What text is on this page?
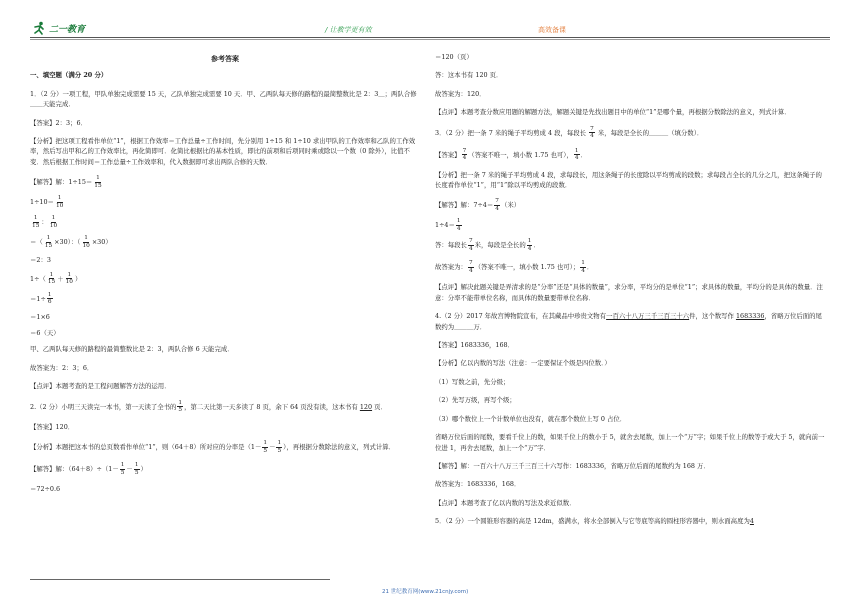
二一教育	/ 让教学更有效	高效备课
参考答案
一、填空题（满分 20 分）
1．（2 分）一项工程，甲队单独完成需要 15 天，乙队单独完成需要 10 天．甲、乙两队每天修的路程的最简整数比是 2：3＿；两队合修＿＿天能完成．
【答案】2：3；6．
【分析】把这项工程看作单位“1”，根据工作效率＝工作总量÷工作时间，先分别用 1÷15 和 1÷10 求出甲队的工作效率和乙队的工作效率，然后写出甲和乙的工作效率比，再化简即可．化简比根据比的基本性质，即比的前项和后项同时乘或除以一个数（0 除外），比值不变．然后根据工作时间＝工作总量÷工作效率和，代入数据即可求出两队合修的天数．
【解答】解：$1\div 15= \frac{1}{15}$
$1\div 10= \frac{1}{10}$
$\frac{1}{15}$ ： $\frac{1}{10}$
＝（ $\frac{1}{15} \times 30$）：（ $\frac{1}{10} \times 30$）
＝2：3
$1\div( \frac{1}{15} + \frac{1}{10}$ ）
$=1\div \frac{1}{6}$
＝1×6
＝6（天）
甲、乙两队每天修的路程的最简整数比是 2：3，两队合修 6 天能完成．
故答案为：2：3；6．
【点评】本题考查的是工程问题解答方法的运用．
2.（2 分）小明三天读完一本书，第一天读了全书的 $\frac{1}{5}$ ，第二天比第一天多读了 8 页，余下 64 页没有读，这本书有 120 页．
【答案】120．
【分析】本题把这本书的总页数看作单位“1”，则（64＋8）所对应的分率是（$1- \frac{1}{5} - \frac{1}{5}$ ），再根据分数除法的意义，列式计算．
【解答】解：$(64+8)\div(1- \frac{1}{5} - \frac{1}{5}$ ）
＝72÷0.6
＝120（页）
答：这本书有 120 页．
故答案为：120．
【点评】本题考查分数应用题的解题方法，解题关键是先找出题目中的单位“1”是哪个量，再根据分数除法的意义，列式计算．
3．（2 分）把一条 7 米的绳子平均剪成 4 段，每段长 $\frac{7}{4}$ 米，每段是全长的＿＿＿（填分数）．
【答案】 $\frac{7}{4}$ （答案不唯一，填小数 1.75 也可）， $\frac{1}{4}$ ．
【分析】把一条 7 米的绳子平均剪成 4 段，求每段长，用这条绳子的长度除以平均剪成的段数；求每段占全长的几分之几，把这条绳子的长度看作单位“1”，用“1”除以平均剪成的段数．
【解答】解：$7\div 4= \frac{7}{4}$ （米）
$1\div 4= \frac{1}{4}$
答：每段长 $\frac{7}{4}$ 米，每段是全长的 $\frac{1}{4}$ ．
故答案为： $\frac{7}{4}$ （答案不唯一，填小数 1.75 也可）； $\frac{1}{4}$ ．
【点评】解决此题关键是弄清求的是“分率”还是“具体的数量”，求分率，平均分的是单位“1”；求具体的数量，平均分的是具体的数量．注意：分率不能带单位名称，而具体的数量要带单位名称．
4.（2 分）2017 年故宫博物院宣布，在其藏品中珍贵文物有一百六十八万三千三百三十六件，这个数写作 1683336，省略万位后面的尾数约为＿＿＿万．
【答案】1683336，168．
【分析】亿以内数的写法（注意：一定要保证个级是四位数．）
（1）写数之前，先分级；
（2）先写万级，再写个级；
（3）哪个数位上一个计数单位也没有，就在那个数位上写 0 占位．
省略万位后面的尾数，要看千位上的数，如果千位上的数小于 5，就舍去尾数，加上一个“万”字；如果千位上的数等于或大于 5，就向前一位进 1，再舍去尾数，加上一个“万”字．
【解答】解：一百六十八万三千三百三十六写作：1683336，省略万位后面的尾数约为 168 万．
故答案为：1683336，168．
【点评】本题考查了亿以内数的写法及求近似数．
5．（2 分）一个圆锥形容器的高是 12dm，盛满水，将水全部倒入与它等底等高的圆柱形容器中，则水面高度为4
21 世纪教育网(www.21cnjy.com)
